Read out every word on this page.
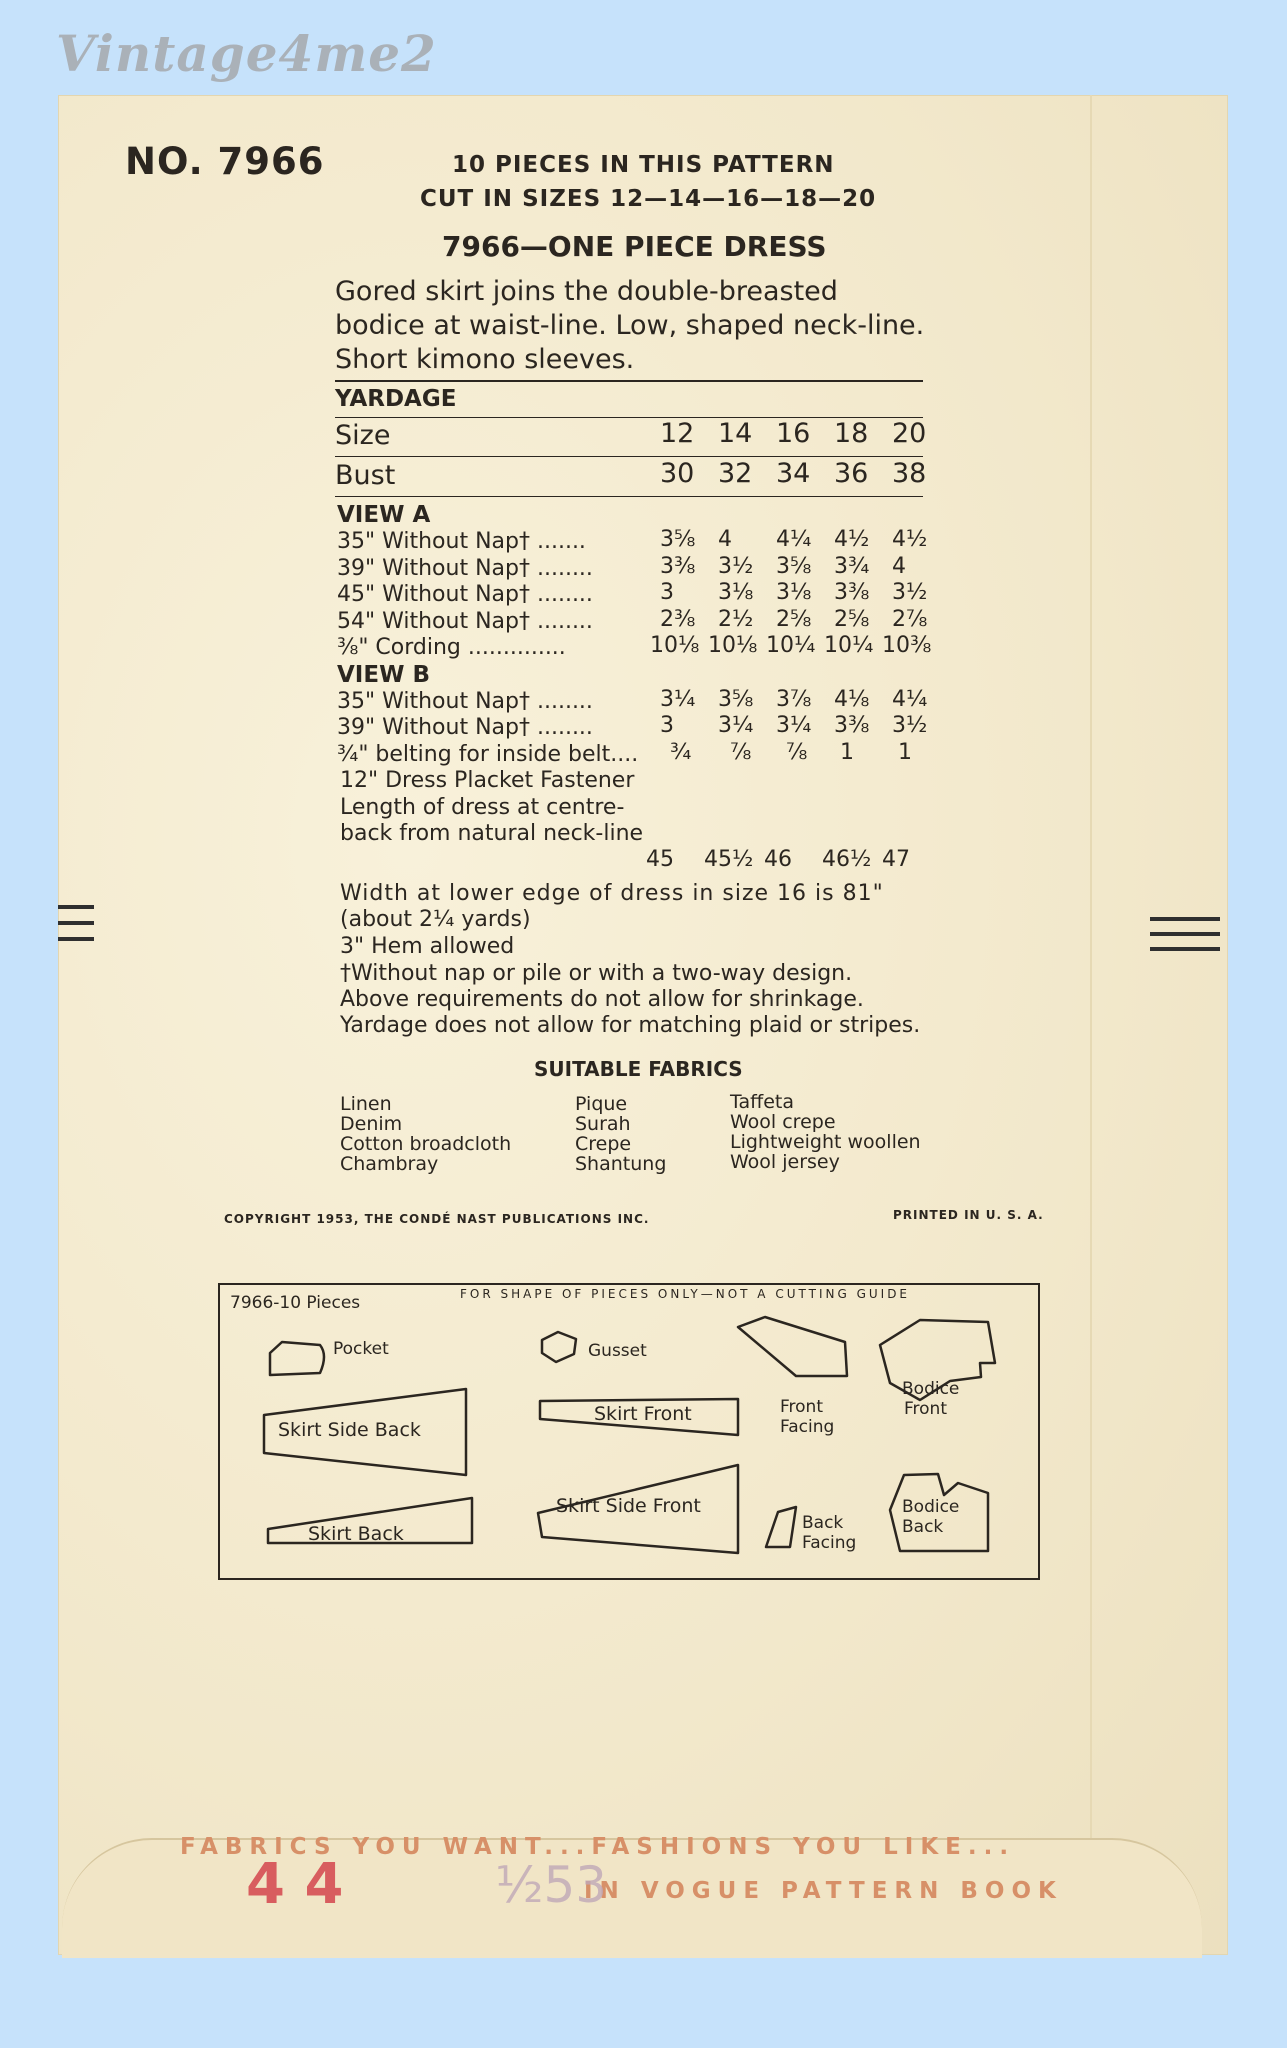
Vintage4me2
NO. 7966	10 PIECES IN THIS PATTERN
CUT IN SIZES 12—14—16—18—20
7966—ONE PIECE DRESS
Gored skirt joins the double-breasted bodice at waist-line. Low, shaped neck-line. Short kimono sleeves.
YARDAGE
Size	12 14 16 18 20
Bust	30 32 34 36 38
VIEW A
35" Without Nap† .......	3⅝ 4 4¼ 4½ 4½
39" Without Nap† ........	3⅜ 3½ 3⅝ 3¾ 4
45" Without Nap† ........	3 3⅛ 3⅛ 3⅜ 3½
54" Without Nap† ........	2⅜ 2½ 2⅝ 2⅝ 2⅞
⅜" Cording ..............	10⅛ 10⅛ 10¼ 10¼ 10⅜
VIEW B
35" Without Nap† ........	3¼ 3⅝ 3⅞ 4⅛ 4¼
39" Without Nap† ........	3 3¼ 3¼ 3⅜ 3½
¾" belting for inside belt.... ¾ ⅞ ⅞ 1 1
12" Dress Placket Fastener
Length of dress at centre-
back from natural neck-line
45 45½ 46 46½ 47
Width at lower edge of dress in size 16 is 81"
(about 2¼ yards)
3" Hem allowed
†Without nap or pile or with a two-way design.
Above requirements do not allow for shrinkage.
Yardage does not allow for matching plaid or stripes.
SUITABLE FABRICS
Linen
Denim
Cotton broadcloth
Chambray
Pique
Surah
Crepe
Shantung
Taffeta
Wool crepe
Lightweight woollen
Wool jersey
COPYRIGHT 1953, THE CONDÉ NAST PUBLICATIONS INC.	PRINTED IN U. S. A.
7966-10 Pieces	FOR SHAPE OF PIECES ONLY—NOT A CUTTING GUIDE
Pocket	Gusset
Skirt Side Back
Skirt Front	Front
Facing
Bodice
Front
Skirt Back
Skirt Side Front
Back
Facing
Bodice
Back
FABRICS YOU WANT...FASHIONS YOU LIKE...
IN VOGUE PATTERN BOOK
4 4	½53
